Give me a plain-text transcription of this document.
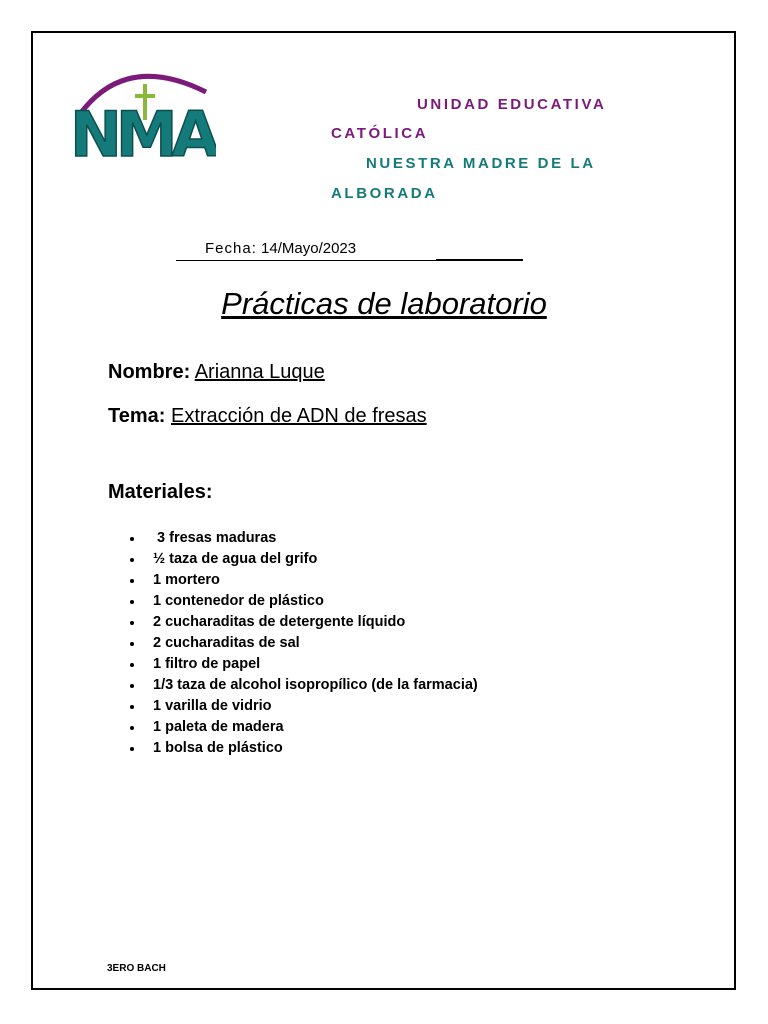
NMA	UNIDAD EDUCATIVA
CATÓLICA
NUESTRA MADRE DE LA
ALBORADA
Fecha: 14/Mayo/2023
Prácticas de laboratorio
Nombre: Arianna Luque
Tema: Extracción de ADN de fresas
Materiales:
3 fresas maduras
½ taza de agua del grifo
1 mortero
1 contenedor de plástico
2 cucharaditas de detergente líquido
2 cucharaditas de sal
1 filtro de papel
1/3 taza de alcohol isopropílico (de la farmacia)
1 varilla de vidrio
1 paleta de madera
1 bolsa de plástico
3ERO BACH
